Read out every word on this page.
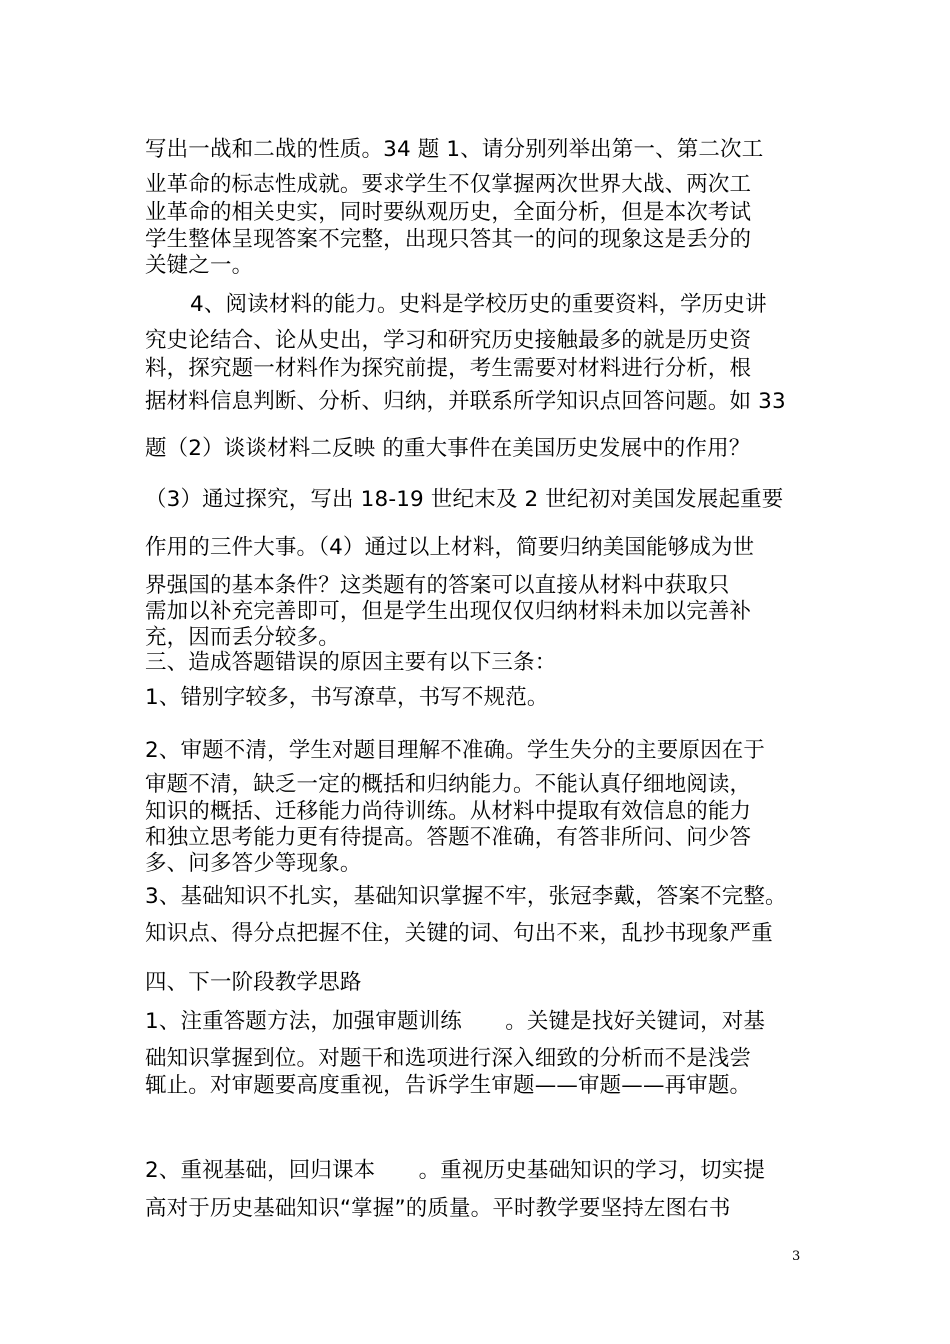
写出一战和二战的性质。34 题 1、请分别列举出第一、第二次工
业革命的标志性成就。要求学生不仅掌握两次世界大战、两次工
业革命的相关史实，同时要纵观历史，全面分析，但是本次考试
学生整体呈现答案不完整，出现只答其一的问的现象这是丢分的
关键之一。
4、阅读材料的能力。史料是学校历史的重要资料，学历史讲
究史论结合、论从史出，学习和研究历史接触最多的就是历史资
料，探究题一材料作为探究前提，考生需要对材料进行分析，根
据材料信息判断、分析、归纳，并联系所学知识点回答问题。如 33
题（2）谈谈材料二反映 的重大事件在美国历史发展中的作用？
（3）通过探究，写出 18-19 世纪末及 2 世纪初对美国发展起重要
作用的三件大事。（4）通过以上材料，简要归纳美国能够成为世
界强国的基本条件？这类题有的答案可以直接从材料中获取只
需加以补充完善即可，但是学生出现仅仅归纳材料未加以完善补
充，因而丢分较多。
三、造成答题错误的原因主要有以下三条：
1、错别字较多，书写潦草，书写不规范。
2、审题不清，学生对题目理解不准确。学生失分的主要原因在于
审题不清，缺乏一定的概括和归纳能力。不能认真仔细地阅读，
知识的概括、迁移能力尚待训练。从材料中提取有效信息的能力
和独立思考能力更有待提高。答题不准确，有答非所问、问少答
多、问多答少等现象。
3、基础知识不扎实，基础知识掌握不牢，张冠李戴，答案不完整。
知识点、得分点把握不住，关键的词、句出不来，乱抄书现象严重
四、下一阶段教学思路
1、注重答题方法，加强审题训练　　。关键是找好关键词，对基
础知识掌握到位。对题干和选项进行深入细致的分析而不是浅尝
辄止。对审题要高度重视，告诉学生审题——审题——再审题。
2、重视基础，回归课本　　。重视历史基础知识的学习，切实提
高对于历史基础知识“掌握”的质量。平时教学要坚持左图右书
3
